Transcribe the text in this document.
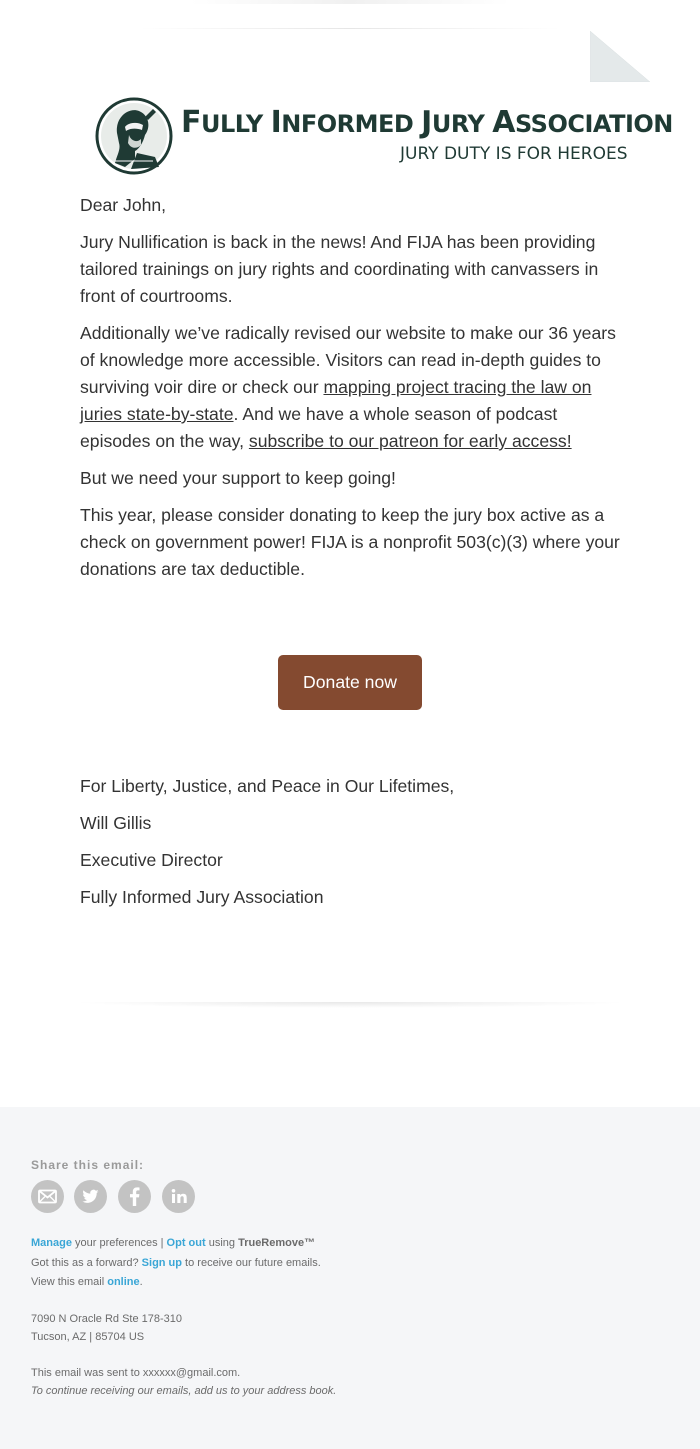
FULLY INFORMED JURY ASSOCIATION
JURY DUTY IS FOR HEROES

Dear John,

Jury Nullification is back in the news! And FIJA has been providing tailored trainings on jury rights and coordinating with canvassers in front of courtrooms.

Additionally we’ve radically revised our website to make our 36 years of knowledge more accessible. Visitors can read in-depth guides to surviving voir dire or check our mapping project tracing the law on juries state-by-state. And we have a whole season of podcast episodes on the way, subscribe to our patreon for early access!

But we need your support to keep going!

This year, please consider donating to keep the jury box active as a check on government power! FIJA is a nonprofit 503(c)(3) where your donations are tax deductible.

Donate now

For Liberty, Justice, and Peace in Our Lifetimes,

Will Gillis

Executive Director

Fully Informed Jury Association

Share this email:
Manage your preferences | Opt out using TrueRemove™
Got this as a forward? Sign up to receive our future emails.
View this email online.
7090 N Oracle Rd Ste 178-310
Tucson, AZ | 85704 US
This email was sent to xxxxxx@gmail.com.
To continue receiving our emails, add us to your address book.
